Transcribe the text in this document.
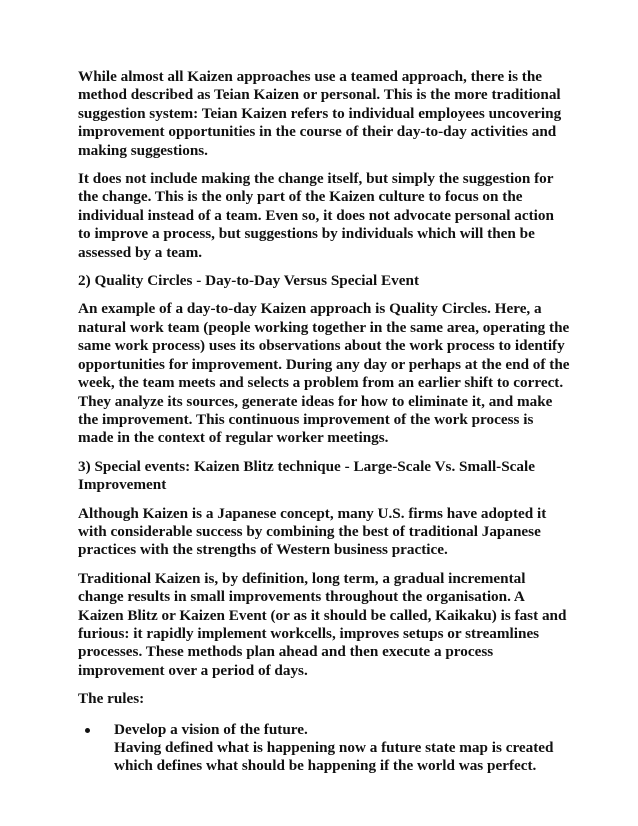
While almost all Kaizen approaches use a teamed approach, there is the method described as Teian Kaizen or personal. This is the more traditional suggestion system: Teian Kaizen refers to individual employees uncovering improvement opportunities in the course of their day-to-day activities and making suggestions.

It does not include making the change itself, but simply the suggestion for the change. This is the only part of the Kaizen culture to focus on the individual instead of a team. Even so, it does not advocate personal action to improve a process, but suggestions by individuals which will then be assessed by a team.

2) Quality Circles - Day-to-Day Versus Special Event

An example of a day-to-day Kaizen approach is Quality Circles. Here, a natural work team (people working together in the same area, operating the same work process) uses its observations about the work process to identify opportunities for improvement. During any day or perhaps at the end of the week, the team meets and selects a problem from an earlier shift to correct. They analyze its sources, generate ideas for how to eliminate it, and make the improvement. This continuous improvement of the work process is made in the context of regular worker meetings.

3) Special events: Kaizen Blitz technique - Large-Scale Vs. Small-Scale Improvement

Although Kaizen is a Japanese concept, many U.S. firms have adopted it with considerable success by combining the best of traditional Japanese practices with the strengths of Western business practice.

Traditional Kaizen is, by definition, long term, a gradual incremental change results in small improvements throughout the organisation. A Kaizen Blitz or Kaizen Event (or as it should be called, Kaikaku) is fast and furious: it rapidly implement workcells, improves setups or streamlines processes. These methods plan ahead and then execute a process improvement over a period of days.

The rules:

Develop a vision of the future.
Having defined what is happening now a future state map is created which defines what should be happening if the world was perfect.
